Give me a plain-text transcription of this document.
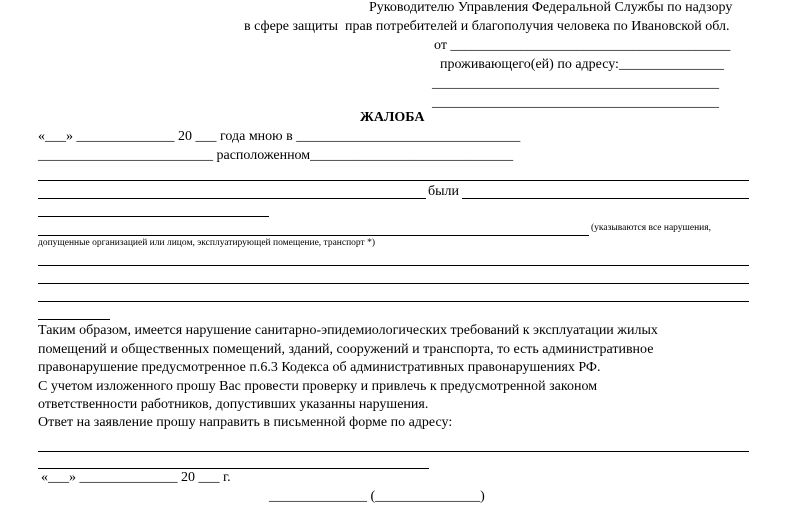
Руководителю Управления Федеральной Службы по надзору
в сфере защиты  прав потребителей и благополучия человека по Ивановской обл.
от ________________________________________
проживающего(ей) по адресу:_______________
_________________________________________
_________________________________________
ЖАЛОБА
«___» ______________ 20 ___ года мною в ________________________________
_________________________ расположенном_____________________________
были
(указываются все нарушения,
допущенные организацией или лицом, эксплуатирующей помещение, транспорт *)
Таким образом, имеется нарушение санитарно-эпидемиологических требований к эксплуатации жилых
помещений и общественных помещений, зданий, сооружений и транспорта, то есть административное
правонарушение предусмотренное п.6.3 Кодекса об административных правонарушениях РФ.
С учетом изложенного прошу Вас провести проверку и привлечь к предусмотренной законом
ответственности работников, допустивших указанны нарушения.
Ответ на заявление прошу направить в письменной форме по адресу:
«___» ______________ 20 ___ г.
______________ (_______________)
